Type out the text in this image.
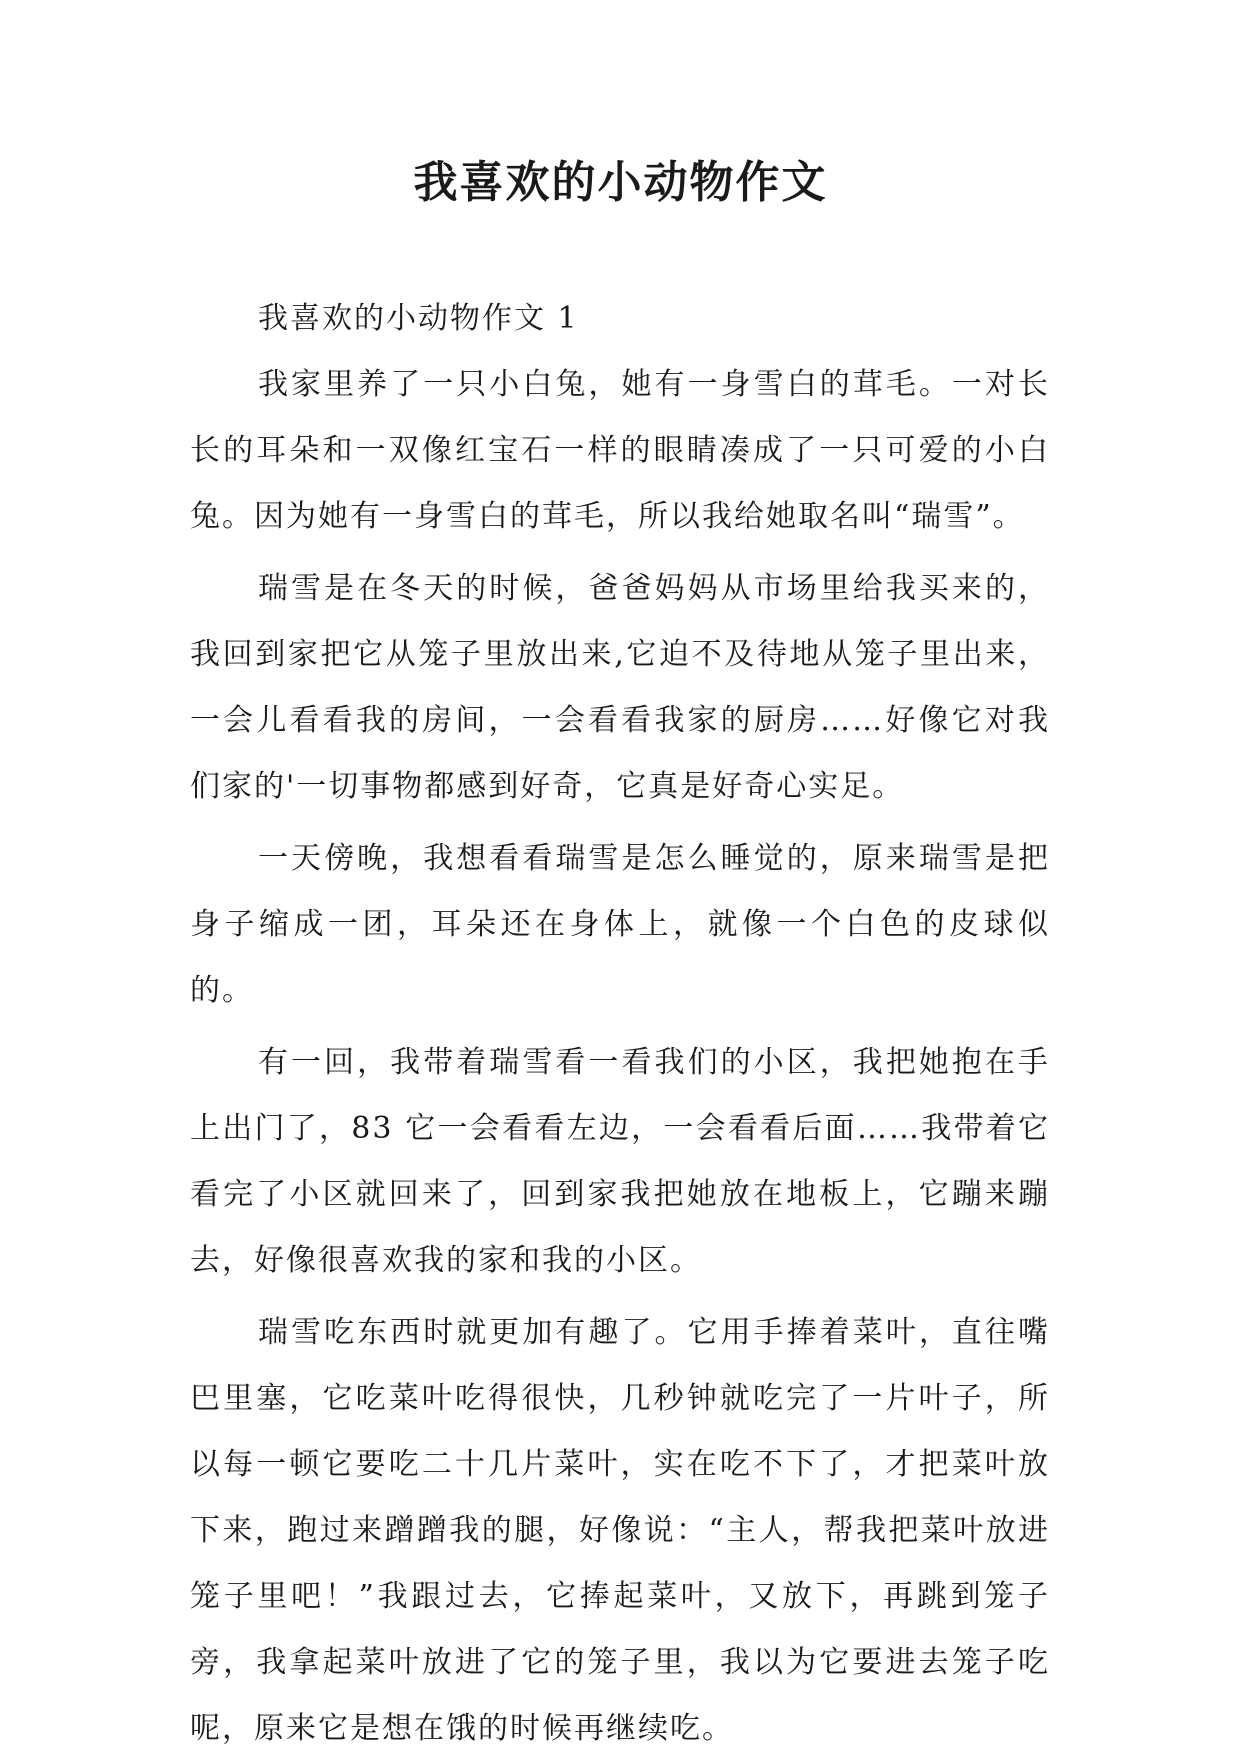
我喜欢的小动物作文

我喜欢的小动物作文 1

我家里养了一只小白兔，她有一身雪白的茸毛。一对长长的耳朵和一双像红宝石一样的眼睛凑成了一只可爱的小白兔。因为她有一身雪白的茸毛，所以我给她取名叫“瑞雪”。

瑞雪是在冬天的时候，爸爸妈妈从市场里给我买来的，我回到家把它从笼子里放出来,它迫不及待地从笼子里出来，一会儿看看我的房间，一会看看我家的厨房……好像它对我们家的'一切事物都感到好奇，它真是好奇心实足。

一天傍晚，我想看看瑞雪是怎么睡觉的，原来瑞雪是把身子缩成一团，耳朵还在身体上，就像一个白色的皮球似的。

有一回，我带着瑞雪看一看我们的小区，我把她抱在手上出门了，83 它一会看看左边，一会看看后面……我带着它看完了小区就回来了，回到家我把她放在地板上，它蹦来蹦去，好像很喜欢我的家和我的小区。

瑞雪吃东西时就更加有趣了。它用手捧着菜叶，直往嘴巴里塞，它吃菜叶吃得很快，几秒钟就吃完了一片叶子，所以每一顿它要吃二十几片菜叶，实在吃不下了，才把菜叶放下来，跑过来蹭蹭我的腿，好像说：“主人，帮我把菜叶放进笼子里吧！”我跟过去，它捧起菜叶，又放下，再跳到笼子旁，我拿起菜叶放进了它的笼子里，我以为它要进去笼子吃呢，原来它是想在饿的时候再继续吃。
